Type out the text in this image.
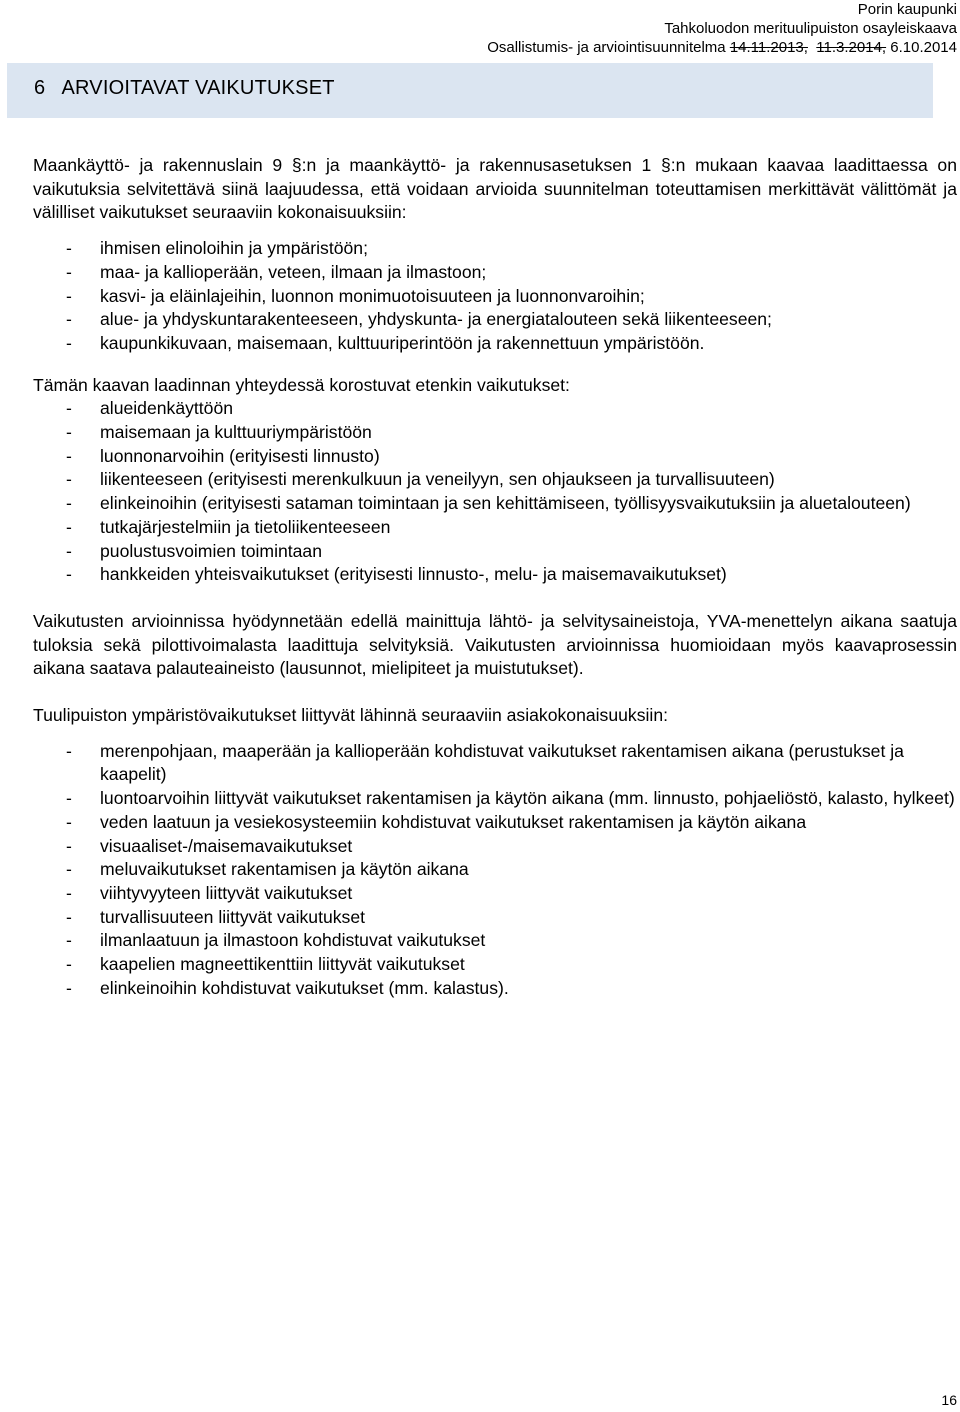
Porin kaupunki
Tahkoluodon merituulipuiston osayleiskaava
Osallistumis- ja arviointisuunnitelma 14.11.2013, 11.3.2014, 6.10.2014
6   ARVIOITAVAT VAIKUTUKSET

Maankäyttö- ja rakennuslain 9 §:n ja maankäyttö- ja rakennusasetuksen 1 §:n mukaan kaavaa laadittaessa on vaikutuksia selvitettävä siinä laajuudessa, että voidaan arvioida suunnitelman toteuttamisen merkittävät välittömät ja välilliset vaikutukset seuraaviin kokonaisuuksiin:

- ihmisen elinoloihin ja ympäristöön;
- maa- ja kallioperään, veteen, ilmaan ja ilmastoon;
- kasvi- ja eläinlajeihin, luonnon monimuotoisuuteen ja luonnonvaroihin;
- alue- ja yhdyskuntarakenteeseen, yhdyskunta- ja energiatalouteen sekä liikenteeseen;
- kaupunkikuvaan, maisemaan, kulttuuriperintöön ja rakennettuun ympäristöön.

Tämän kaavan laadinnan yhteydessä korostuvat etenkin vaikutukset:

- alueidenkäyttöön
- maisemaan ja kulttuuriympäristöön
- luonnonarvoihin (erityisesti linnusto)
- liikenteeseen (erityisesti merenkulkuun ja veneilyyn, sen ohjaukseen ja turvallisuuteen)
- elinkeinoihin (erityisesti sataman toimintaan ja sen kehittämiseen, työllisyysvaikutuksiin ja aluetalouteen)
- tutkajärjestelmiin ja tietoliikenteeseen
- puolustusvoimien toimintaan
- hankkeiden yhteisvaikutukset (erityisesti linnusto-, melu- ja maisemavaikutukset)

Vaikutusten arvioinnissa hyödynnetään edellä mainittuja lähtö- ja selvitysaineistoja, YVA-menettelyn aikana saatuja tuloksia sekä pilottivoimalasta laadittuja selvityksiä. Vaikutusten arvioinnissa huomioidaan myös kaavaprosessin aikana saatava palauteaineisto (lausunnot, mielipiteet ja muistutukset).

Tuulipuiston ympäristövaikutukset liittyvät lähinnä seuraaviin asiakokonaisuuksiin:

- merenpohjaan, maaperään ja kallioperään kohdistuvat vaikutukset rakentamisen aikana (perustukset ja kaapelit)
- luontoarvoihin liittyvät vaikutukset rakentamisen ja käytön aikana (mm. linnusto, pohjaeliöstö, kalasto, hylkeet)
- veden laatuun ja vesiekosysteemiin kohdistuvat vaikutukset rakentamisen ja käytön aikana
- visuaaliset-/maisemavaikutukset
- meluvaikutukset rakentamisen ja käytön aikana
- viihtyvyyteen liittyvät vaikutukset
- turvallisuuteen liittyvät vaikutukset
- ilmanlaatuun ja ilmastoon kohdistuvat vaikutukset
- kaapelien magneettikenttiin liittyvät vaikutukset
- elinkeinoihin kohdistuvat vaikutukset (mm. kalastus).
16
